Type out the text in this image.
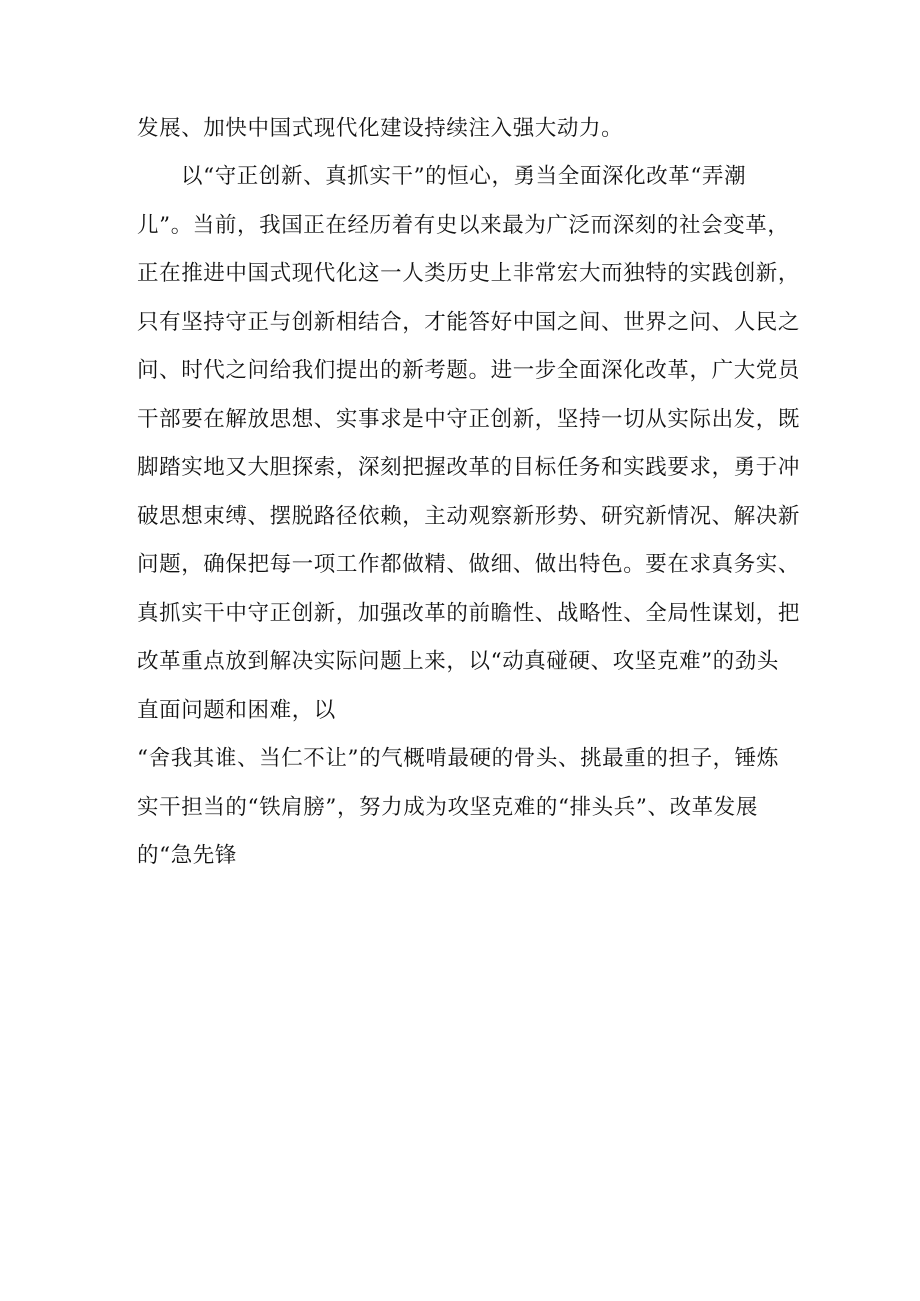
发展、加快中国式现代化建设持续注入强大动力。
以“守正创新、真抓实干”的恒心，勇当全面深化改革“弄潮
儿”。当前，我国正在经历着有史以来最为广泛而深刻的社会变革，
正在推进中国式现代化这一人类历史上非常宏大而独特的实践创新，
只有坚持守正与创新相结合，才能答好中国之间、世界之问、人民之
问、时代之问给我们提出的新考题。进一步全面深化改革，广大党员
干部要在解放思想、实事求是中守正创新，坚持一切从实际出发，既
脚踏实地又大胆探索，深刻把握改革的目标任务和实践要求，勇于冲
破思想束缚、摆脱路径依赖，主动观察新形势、研究新情况、解决新
问题，确保把每一项工作都做精、做细、做出特色。要在求真务实、
真抓实干中守正创新，加强改革的前瞻性、战略性、全局性谋划，把
改革重点放到解决实际问题上来，以“动真碰硬、攻坚克难”的劲头
直面问题和困难，以
“舍我其谁、当仁不让”的气概啃最硬的骨头、挑最重的担子，锤炼
实干担当的“铁肩膀”，努力成为攻坚克难的“排头兵”、改革发展
的“急先锋
